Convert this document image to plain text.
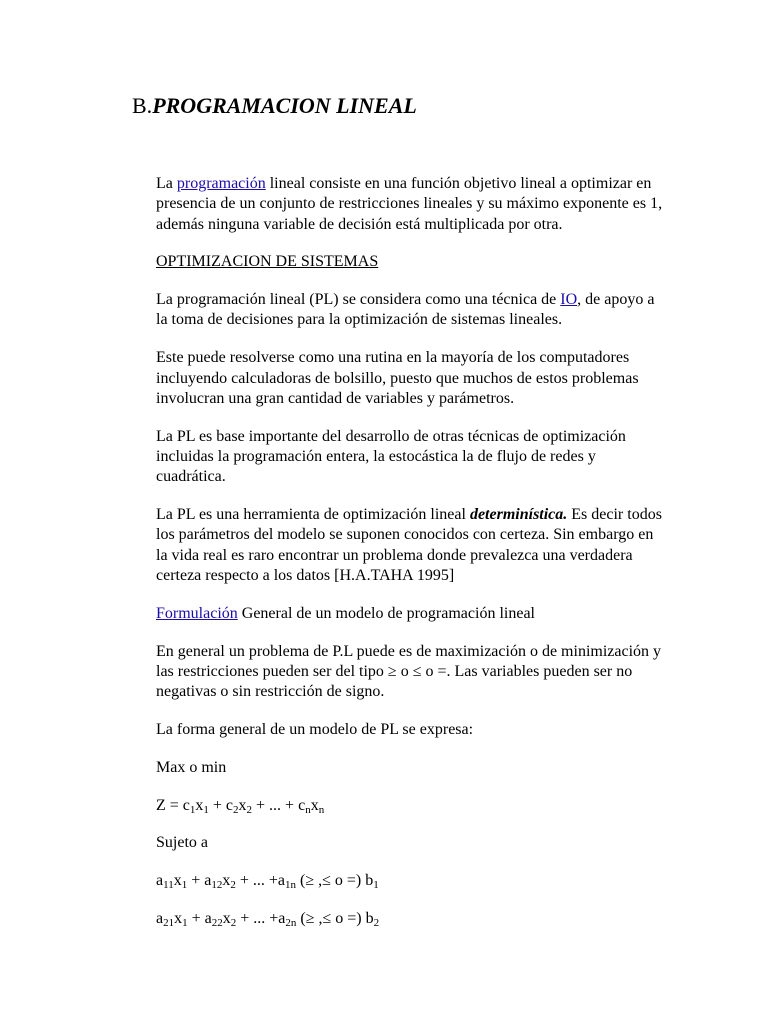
B.PROGRAMACION LINEAL

La programación lineal consiste en una función objetivo lineal a optimizar en presencia de un conjunto de restricciones lineales y su máximo exponente es 1, además ninguna variable de decisión está multiplicada por otra.

OPTIMIZACION DE SISTEMAS

La programación lineal (PL) se considera como una técnica de IO, de apoyo a la toma de decisiones para la optimización de sistemas lineales.

Este puede resolverse como una rutina en la mayoría de los computadores incluyendo calculadoras de bolsillo, puesto que muchos de estos problemas involucran una gran cantidad de variables y parámetros.

La PL es base importante del desarrollo de otras técnicas de optimización incluidas la programación entera, la estocástica la de flujo de redes y cuadrática.

La PL es una herramienta de optimización lineal determinística. Es decir todos los parámetros del modelo se suponen conocidos con certeza. Sin embargo en la vida real es raro encontrar un problema donde prevalezca una verdadera certeza respecto a los datos [H.A.TAHA 1995]

Formulación General de un modelo de programación lineal

En general un problema de P.L puede es de maximización o de minimización y las restricciones pueden ser del tipo ≥ o ≤ o =. Las variables pueden ser no negativas o sin restricción de signo.

La forma general de un modelo de PL se expresa:

Max o min

$Z = c_1x_1 + c_2x_2$ + ... + $c_nx_n$

Sujeto a

$a_{11}x_1 + a_{12}x_2$ + ... $+a_{1n}$ (≥ ,≤ o =) $b_1$

$a_{21}x_1 + a_{22}x_2$ + ... $+a_{2n}$ (≥ ,≤ o =) $b_2$
